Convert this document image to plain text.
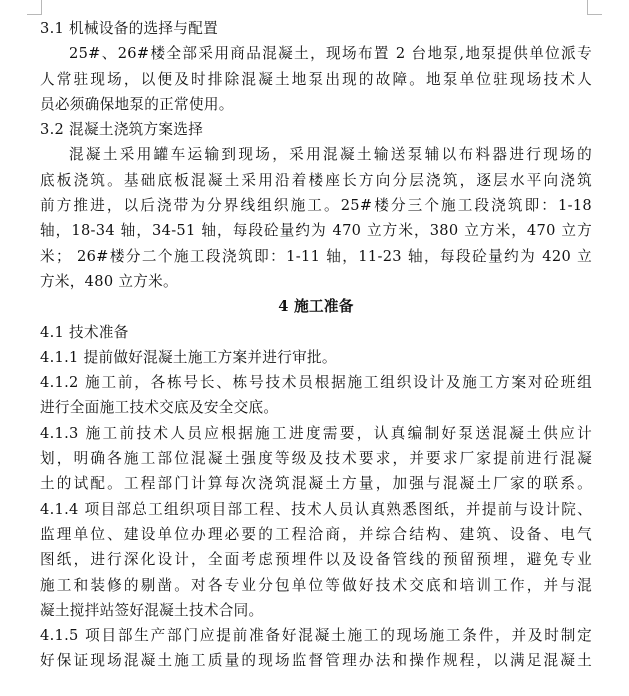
3.1 机械设备的选择与配置
25#、26#楼全部采用商品混凝土，现场布置 2 台地泵,地泵提供单位派专
人常驻现场，以便及时排除混凝土地泵出现的故障。地泵单位驻现场技术人
员必须确保地泵的正常使用。
3.2 混凝土浇筑方案选择
混凝土采用罐车运输到现场，采用混凝土输送泵辅以布料器进行现场的
底板浇筑。基础底板混凝土采用沿着楼座长方向分层浇筑，逐层水平向浇筑
前方推进，以后浇带为分界线组织施工。25#楼分三个施工段浇筑即：1-18
轴，18-34 轴，34-51 轴，每段砼量约为 470 立方米，380 立方米，470 立方
米； 26#楼分二个施工段浇筑即：1-11 轴，11-23 轴，每段砼量约为 420 立
方米，480 立方米。
4 施工准备
4.1 技术准备
4.1.1 提前做好混凝土施工方案并进行审批。
4.1.2 施工前，各栋号长、栋号技术员根据施工组织设计及施工方案对砼班组
进行全面施工技术交底及安全交底。
4.1.3 施工前技术人员应根据施工进度需要，认真编制好泵送混凝土供应计
划，明确各施工部位混凝土强度等级及技术要求，并要求厂家提前进行混凝
土的试配。工程部门计算每次浇筑混凝土方量，加强与混凝土厂家的联系。
4.1.4 项目部总工组织项目部工程、技术人员认真熟悉图纸，并提前与设计院、
监理单位、建设单位办理必要的工程洽商，并综合结构、建筑、设备、电气
图纸，进行深化设计，全面考虑预埋件以及设备管线的预留预埋，避免专业
施工和装修的剔凿。对各专业分包单位等做好技术交底和培训工作，并与混
凝土搅拌站签好混凝土技术合同。
4.1.5 项目部生产部门应提前准备好混凝土施工的现场施工条件，并及时制定
好保证现场混凝土施工质量的现场监督管理办法和操作规程，以满足混凝土
